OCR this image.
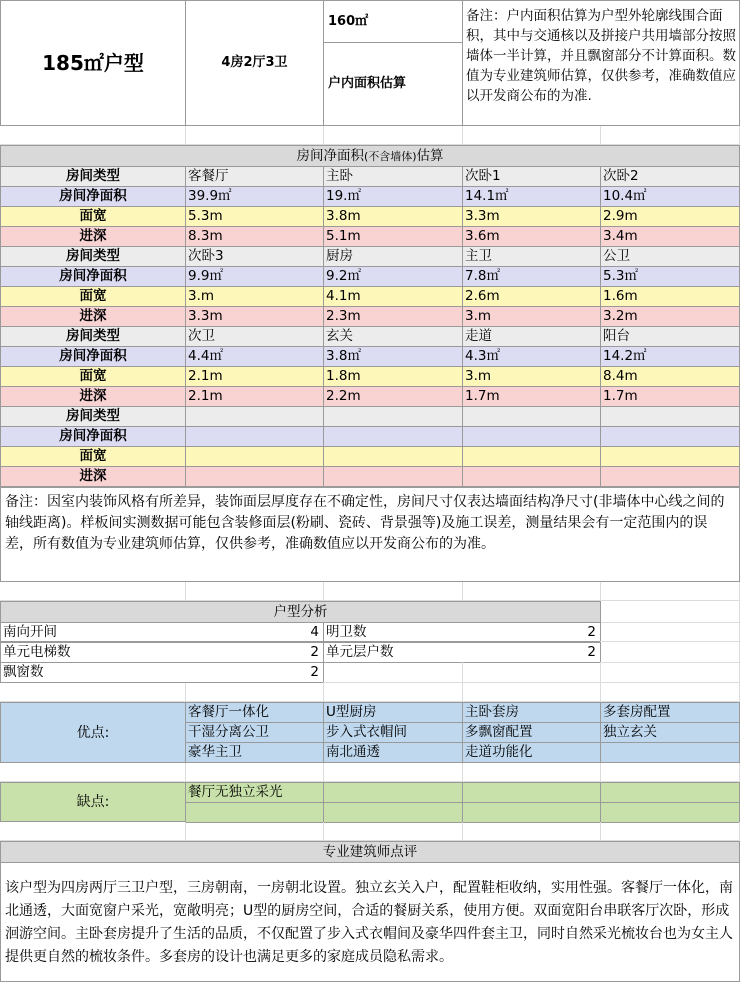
185㎡户型	4房2厅3卫
160㎡
户内面积估算
备注：户内面积估算为户型外轮廓线围合面积，其中与交通核以及拼接户共用墙部分按照墙体一半计算，并且飘窗部分不计算面积。数值为专业建筑师估算，仅供参考，准确数值应以开发商公布的为准.
房间净面积(不含墙体)估算
房间类型	客餐厅	主卧	次卧1	次卧2
房间净面积	39.9㎡	19.㎡	14.1㎡	10.4㎡
面宽	5.3m	3.8m	3.3m	2.9m
进深	8.3m	5.1m	3.6m	3.4m
房间类型	次卧3	厨房	主卫	公卫
房间净面积	9.9㎡	9.2㎡	7.8㎡	5.3㎡
面宽	3.m	4.1m	2.6m	1.6m
进深	3.3m	2.3m	3.m	3.2m
房间类型	次卫	玄关	走道	阳台
房间净面积	4.4㎡	3.8㎡	4.3㎡	14.2㎡
面宽	2.1m	1.8m	3.m	8.4m
进深	2.1m	2.2m	1.7m	1.7m
房间类型
房间净面积
面宽
进深
备注：因室内装饰风格有所差异，装饰面层厚度存在不确定性，房间尺寸仅表达墙面结构净尺寸(非墙体中心线之间的轴线距离)。样板间实测数据可能包含装修面层(粉刷、瓷砖、背景强等)及施工误差，测量结果会有一定范围内的误差，所有数值为专业建筑师估算，仅供参考，准确数值应以开发商公布的为准。
户型分析
南向开间	4 明卫数	2
单元电梯数	2 单元层户数	2
飘窗数	2
优点:
客餐厅一体化	U型厨房	主卧套房	多套房配置
干湿分离公卫	步入式衣帽间	多飘窗配置	独立玄关
豪华主卫	南北通透	走道功能化
缺点:
餐厅无独立采光
专业建筑师点评
该户型为四房两厅三卫户型，三房朝南，一房朝北设置。独立玄关入户，配置鞋柜收纳，实用性强。客餐厅一体化，南北通透，大面宽窗户采光，宽敞明亮；U型的厨房空间，合适的餐厨关系，使用方便。双面宽阳台串联客厅次卧，形成洄游空间。主卧套房提升了生活的品质，不仅配置了步入式衣帽间及豪华四件套主卫，同时自然采光梳妆台也为女主人提供更自然的梳妆条件。多套房的设计也满足更多的家庭成员隐私需求。
